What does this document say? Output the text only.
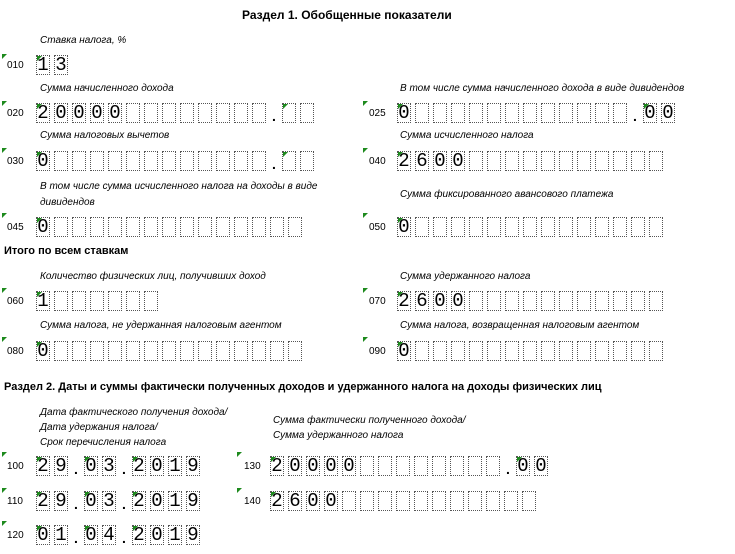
Раздел 1. Обобщенные показатели
Ставка налога, %
010 1 3
Сумма начисленного дохода
020 2 0 0 0 0	.
В том числе сумма начисленного дохода в виде дивидендов
025 0	. 0 0
Сумма налоговых вычетов
030 0	.
Сумма исчисленного налога
040 2 6 0 0
В том числе сумма исчисленного налога на доходы в виде дивидендов
045 0
Сумма фиксированного авансового платежа
050 0
Итого по всем ставкам
Количество физических лиц, получивших доход
060 1
Сумма удержанного налога
070 2 6 0 0
Сумма налога, не удержанная налоговым агентом
080 0
Сумма налога, возвращенная налоговым агентом
090 0
Раздел 2. Даты и суммы фактически полученных доходов и удержанного налога на доходы физических лиц
Дата фактического получения дохода/
Дата удержания налога/
Срок перечисления налога
Сумма фактически полученного дохода/
Сумма удержанного налога
100 2 9 . 0 3 . 2 0 1 9	130 2 0 0 0 0	. 0 0
110 2 9 . 0 3 . 2 0 1 9	140 2 6 0 0
120 0 1 . 0 4 . 2 0 1 9
